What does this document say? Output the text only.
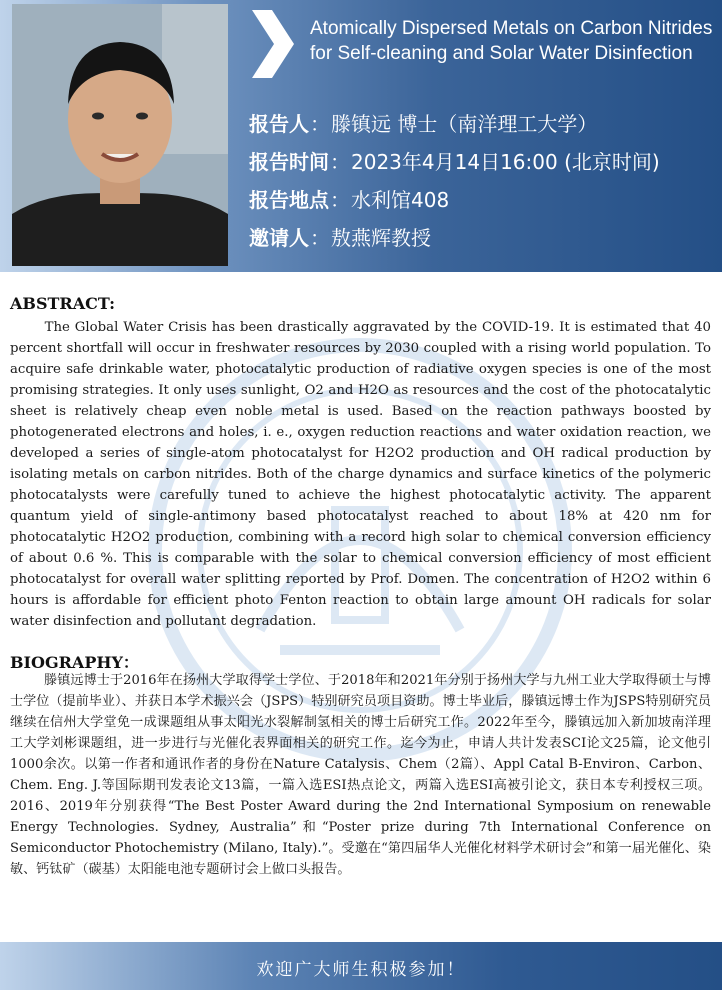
Atomically Dispersed Metals on Carbon Nitrides for Self-cleaning and Solar Water Disinfection
报告人：滕镇远 博士（南洋理工大学）
报告时间：2023年4月14日16:00 (北京时间)
报告地点：水利馆408
邀请人：敖燕辉教授
ABSTRACT:
The Global Water Crisis has been drastically aggravated by the COVID-19. It is estimated that 40 percent shortfall will occur in freshwater resources by 2030 coupled with a rising world population. To acquire safe drinkable water, photocatalytic production of radiative oxygen species is one of the most promising strategies. It only uses sunlight, O2 and H2O as resources and the cost of the photocatalytic sheet is relatively cheap even noble metal is used. Based on the reaction pathways boosted by photogenerated electrons and holes, i. e., oxygen reduction reactions and water oxidation reaction, we developed a series of single-atom photocatalyst for H2O2 production and OH radical production by isolating metals on carbon nitrides. Both of the charge dynamics and surface kinetics of the polymeric photocatalysts were carefully tuned to achieve the highest photocatalytic activity. The apparent quantum yield of single-antimony based photocatalyst reached to about 18% at 420 nm for photocatalytic H2O2 production, combining with a record high solar to chemical conversion efficiency of about 0.6 %. This is comparable with the solar to chemical conversion efficiency of most efficient photocatalyst for overall water splitting reported by Prof. Domen. The concentration of H2O2 within 6 hours is affordable for efficient photo Fenton reaction to obtain large amount OH radicals for solar water disinfection and pollutant degradation.
BIOGRAPHY：
滕镇远博士于2016年在扬州大学取得学士学位、于2018年和2021年分别于扬州大学与九州工业大学取得硕士与博士学位（提前毕业）、并获日本学术振兴会（JSPS）特别研究员项目资助。博士毕业后，滕镇远博士作为JSPS特别研究员继续在信州大学堂免一成课题组从事太阳光水裂解制氢相关的博士后研究工作。2022年至今，滕镇远加入新加坡南洋理工大学刘彬课题组，进一步进行与光催化表界面相关的研究工作。迄今为止，申请人共计发表SCI论文25篇，论文他引1000余次。以第一作者和通讯作者的身份在Nature Catalysis、Chem（2篇）、Appl Catal B-Environ、Carbon、Chem. Eng. J.等国际期刊发表论文13篇，一篇入选ESI热点论文，两篇入选ESI高被引论文，获日本专利授权三项。2016、2019年分别获得“The Best Poster Award during the 2nd International Symposium on renewable Energy Technologies. Sydney, Australia”和“Poster prize during 7th International Conference on Semiconductor Photochemistry (Milano, Italy).”。受邀在“第四届华人光催化材料学术研讨会”和第一届光催化、染敏、钙钛矿（碳基）太阳能电池专题研讨会上做口头报告。
欢迎广大师生积极参加！
